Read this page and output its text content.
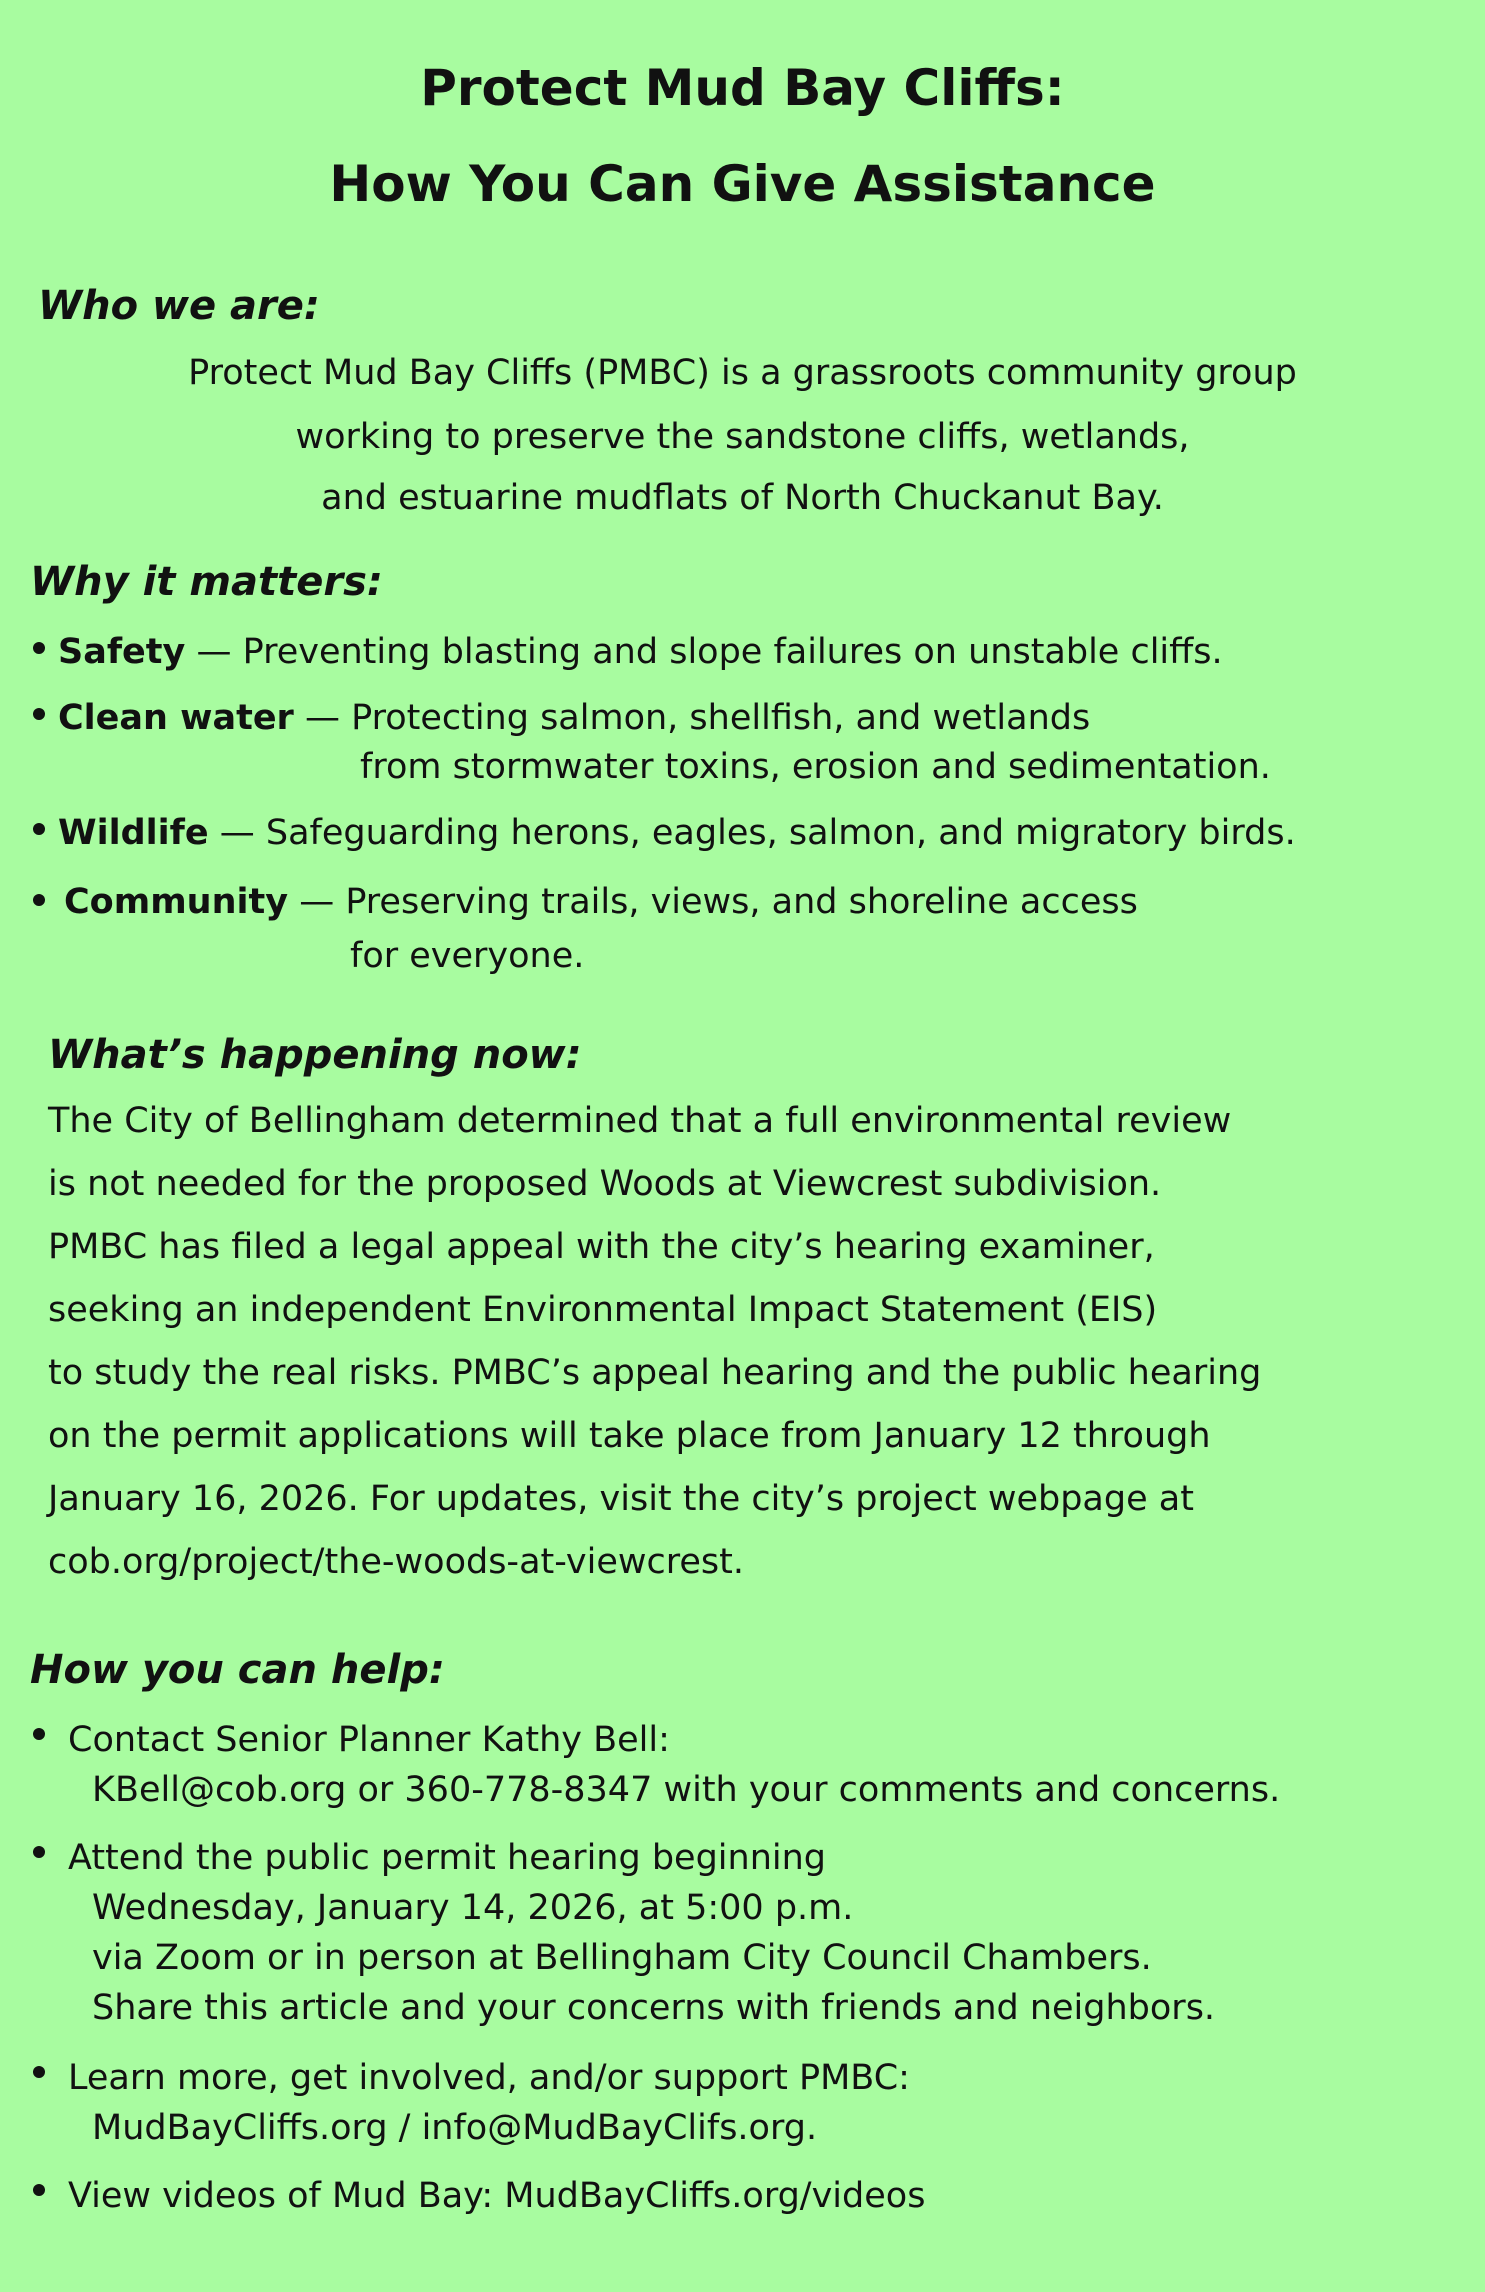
Protect Mud Bay Cliffs:
How You Can Give Assistance
Who we are:
Protect Mud Bay Cliffs (PMBC) is a grassroots community group
working to preserve the sandstone cliffs, wetlands,
and estuarine mudflats of North Chuckanut Bay.
Why it matters:
Safety — Preventing blasting and slope failures on unstable cliffs.
Clean water — Protecting salmon, shellfish, and wetlands
from stormwater toxins, erosion and sedimentation.
Wildlife — Safeguarding herons, eagles, salmon, and migratory birds.
Community — Preserving trails, views, and shoreline access
for everyone.
What’s happening now:
The City of Bellingham determined that a full environmental review
is not needed for the proposed Woods at Viewcrest subdivision.
PMBC has filed a legal appeal with the city’s hearing examiner,
seeking an independent Environmental Impact Statement (EIS)
to study the real risks. PMBC’s appeal hearing and the public hearing
on the permit applications will take place from January 12 through
January 16, 2026. For updates, visit the city’s project webpage at
cob.org/project/the-woods-at-viewcrest.
How you can help:
Contact Senior Planner Kathy Bell:
KBell@cob.org or 360-778-8347 with your comments and concerns.
Attend the public permit hearing beginning
Wednesday, January 14, 2026, at 5:00 p.m.
via Zoom or in person at Bellingham City Council Chambers.
Share this article and your concerns with friends and neighbors.
Learn more, get involved, and/or support PMBC:
MudBayCliffs.org / info@MudBayClifs.org.
View videos of Mud Bay: MudBayCliffs.org/videos
